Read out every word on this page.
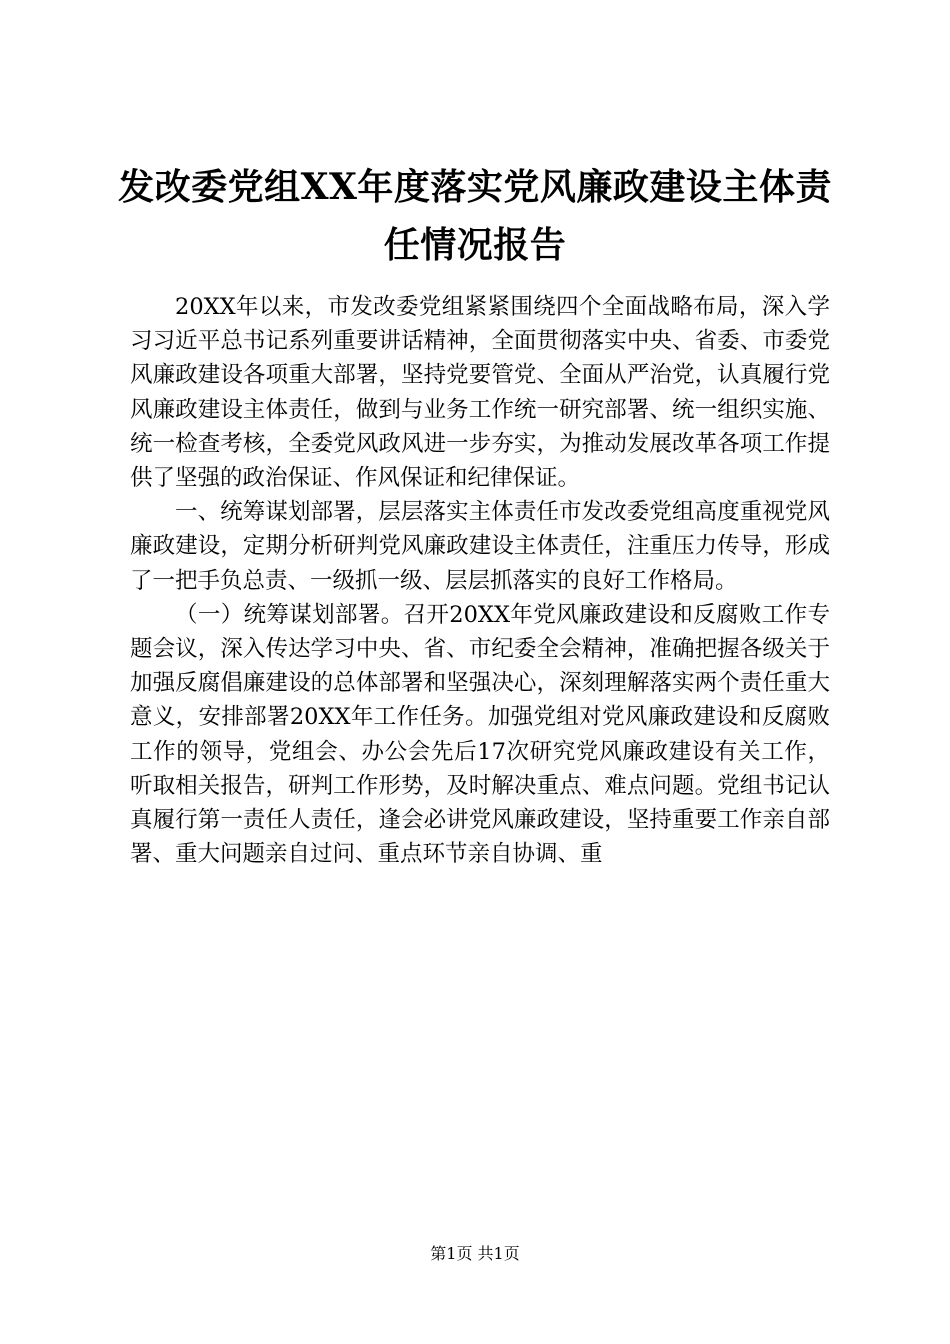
发改委党组XX年度落实党风廉政建设主体责任情况报告

20XX年以来，市发改委党组紧紧围绕四个全面战略布局，深入学习习近平总书记系列重要讲话精神，全面贯彻落实中央、省委、市委党风廉政建设各项重大部署，坚持党要管党、全面从严治党，认真履行党风廉政建设主体责任，做到与业务工作统一研究部署、统一组织实施、统一检查考核，全委党风政风进一步夯实，为推动发展改革各项工作提供了坚强的政治保证、作风保证和纪律保证。

一、统筹谋划部署，层层落实主体责任市发改委党组高度重视党风廉政建设，定期分析研判党风廉政建设主体责任，注重压力传导，形成了一把手负总责、一级抓一级、层层抓落实的良好工作格局。

（一）统筹谋划部署。召开20XX年党风廉政建设和反腐败工作专题会议，深入传达学习中央、省、市纪委全会精神，准确把握各级关于加强反腐倡廉建设的总体部署和坚强决心，深刻理解落实两个责任重大意义，安排部署20XX年工作任务。加强党组对党风廉政建设和反腐败工作的领导，党组会、办公会先后17次研究党风廉政建设有关工作，听取相关报告，研判工作形势，及时解决重点、难点问题。党组书记认真履行第一责任人责任，逢会必讲党风廉政建设，坚持重要工作亲自部署、重大问题亲自过问、重点环节亲自协调、重

第1页 共1页
